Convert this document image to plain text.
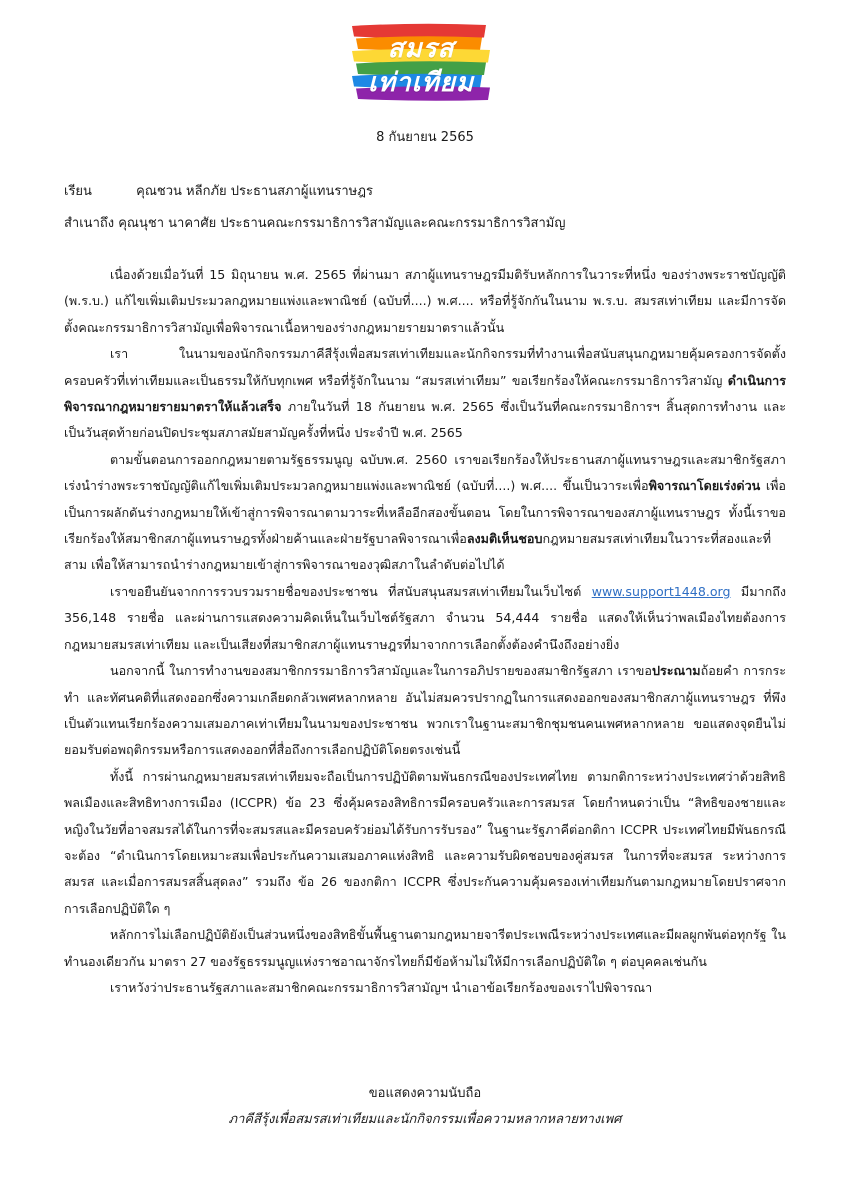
สมรส
เท่าเทียม
8 กันยายน 2565
เรียน	คุณชวน หลีกภัย ประธานสภาผู้แทนราษฎร
สำเนาถึง คุณนุชา นาคาศัย ประธานคณะกรรมาธิการวิสามัญและคณะกรรมาธิการวิสามัญ

เนื่องด้วยเมื่อวันที่ 15 มิถุนายน พ.ศ. 2565 ที่ผ่านมา สภาผู้แทนราษฎรมีมติรับหลักการในวาระที่หนึ่ง ของร่างพระราชบัญญัติ (พ.ร.บ.) แก้ไขเพิ่มเติมประมวลกฎหมายแพ่งและพาณิชย์ (ฉบับที่....) พ.ศ.... หรือที่รู้จักกันในนาม พ.ร.บ. สมรสเท่าเทียม และมีการจัดตั้งคณะกรรมาธิการวิสามัญเพื่อพิจารณาเนื้อหาของร่างกฎหมายรายมาตราแล้วนั้น

เรา ในนามของนักกิจกรรมภาคีสีรุ้งเพื่อสมรสเท่าเทียมและนักกิจกรรมที่ทำงานเพื่อสนับสนุนกฎหมายคุ้มครองการจัดตั้งครอบครัวที่เท่าเทียมและเป็นธรรมให้กับทุกเพศ หรือที่รู้จักในนาม “สมรสเท่าเทียม” ขอเรียกร้องให้คณะกรรมาธิการวิสามัญ ดำเนินการพิจารณากฎหมายรายมาตราให้แล้วเสร็จ ภายในวันที่ 18 กันยายน พ.ศ. 2565 ซึ่งเป็นวันที่คณะกรรมาธิการฯ สิ้นสุดการทำงาน และเป็นวันสุดท้ายก่อนปิดประชุมสภาสมัยสามัญครั้งที่หนึ่ง ประจำปี พ.ศ. 2565

ตามขั้นตอนการออกกฎหมายตามรัฐธรรมนูญ ฉบับพ.ศ. 2560 เราขอเรียกร้องให้ประธานสภาผู้แทนราษฎรและสมาชิกรัฐสภา เร่งนำร่างพระราชบัญญัติแก้ไขเพิ่มเติมประมวลกฎหมายแพ่งและพาณิชย์ (ฉบับที่....) พ.ศ.... ขึ้นเป็นวาระเพื่อพิจารณาโดยเร่งด่วน เพื่อเป็นการผลักดันร่างกฎหมายให้เข้าสู่การพิจารณาตามวาระที่เหลืออีกสองขั้นตอน โดยในการพิจารณาของสภาผู้แทนราษฎร ทั้งนี้เราขอเรียกร้องให้สมาชิกสภาผู้แทนราษฎรทั้งฝ่ายค้านและฝ่ายรัฐบาลพิจารณาเพื่อลงมติเห็นชอบกฎหมายสมรสเท่าเทียมในวาระที่สองและที่สาม เพื่อให้สามารถนำร่างกฎหมายเข้าสู่การพิจารณาของวุฒิสภาในลำดับต่อไปได้

เราขอยืนยันจากการรวบรวมรายชื่อของประชาชน ที่สนับสนุนสมรสเท่าเทียมในเว็บไซต์ www.support1448.org มีมากถึง 356,148 รายชื่อ และผ่านการแสดงความคิดเห็นในเว็บไซต์รัฐสภา จำนวน 54,444 รายชื่อ แสดงให้เห็นว่าพลเมืองไทยต้องการกฎหมายสมรสเท่าเทียม และเป็นเสียงที่สมาชิกสภาผู้แทนราษฎรที่มาจากการเลือกตั้งต้องคำนึงถึงอย่างยิ่ง

นอกจากนี้ ในการทำงานของสมาชิกกรรมาธิการวิสามัญและในการอภิปรายของสมาชิกรัฐสภา เราขอประณามถ้อยคำ การกระทำ และทัศนคติที่แสดงออกซึ่งความเกลียดกลัวเพศหลากหลาย อันไม่สมควรปรากฏในการแสดงออกของสมาชิกสภาผู้แทนราษฎร ที่พึงเป็นตัวแทนเรียกร้องความเสมอภาคเท่าเทียมในนามของประชาชน พวกเราในฐานะสมาชิกชุมชนคนเพศหลากหลาย ขอแสดงจุดยืนไม่ยอมรับต่อพฤติกรรมหรือการแสดงออกที่สื่อถึงการเลือกปฏิบัติโดยตรงเช่นนี้

ทั้งนี้ การผ่านกฎหมายสมรสเท่าเทียมจะถือเป็นการปฏิบัติตามพันธกรณีของประเทศไทย ตามกติการะหว่างประเทศว่าด้วยสิทธิพลเมืองและสิทธิทางการเมือง (ICCPR) ข้อ 23 ซึ่งคุ้มครองสิทธิการมีครอบครัวและการสมรส โดยกำหนดว่าเป็น “สิทธิของชายและหญิงในวัยที่อาจสมรสได้ในการที่จะสมรสและมีครอบครัวย่อมได้รับการรับรอง” ในฐานะรัฐภาคีต่อกติกา ICCPR ประเทศไทยมีพันธกรณีจะต้อง “ดำเนินการโดยเหมาะสมเพื่อประกันความเสมอภาคแห่งสิทธิ และความรับผิดชอบของคู่สมรส ในการที่จะสมรส ระหว่างการสมรส และเมื่อการสมรสสิ้นสุดลง” รวมถึง ข้อ 26 ของกติกา ICCPR ซึ่งประกันความคุ้มครองเท่าเทียมกันตามกฎหมายโดยปราศจากการเลือกปฏิบัติใด ๆ

หลักการไม่เลือกปฏิบัติยังเป็นส่วนหนึ่งของสิทธิขั้นพื้นฐานตามกฎหมายจารีตประเพณีระหว่างประเทศและมีผลผูกพันต่อทุกรัฐ ในทำนองเดียวกัน มาตรา 27 ของรัฐธรรมนูญแห่งราชอาณาจักรไทยก็มีข้อห้ามไม่ให้มีการเลือกปฏิบัติใด ๆ ต่อบุคคลเช่นกัน

เราหวังว่าประธานรัฐสภาและสมาชิกคณะกรรมาธิการวิสามัญฯ นำเอาข้อเรียกร้องของเราไปพิจารณา

ขอแสดงความนับถือ
ภาคีสีรุ้งเพื่อสมรสเท่าเทียมและนักกิจกรรมเพื่อความหลากหลายทางเพศ
